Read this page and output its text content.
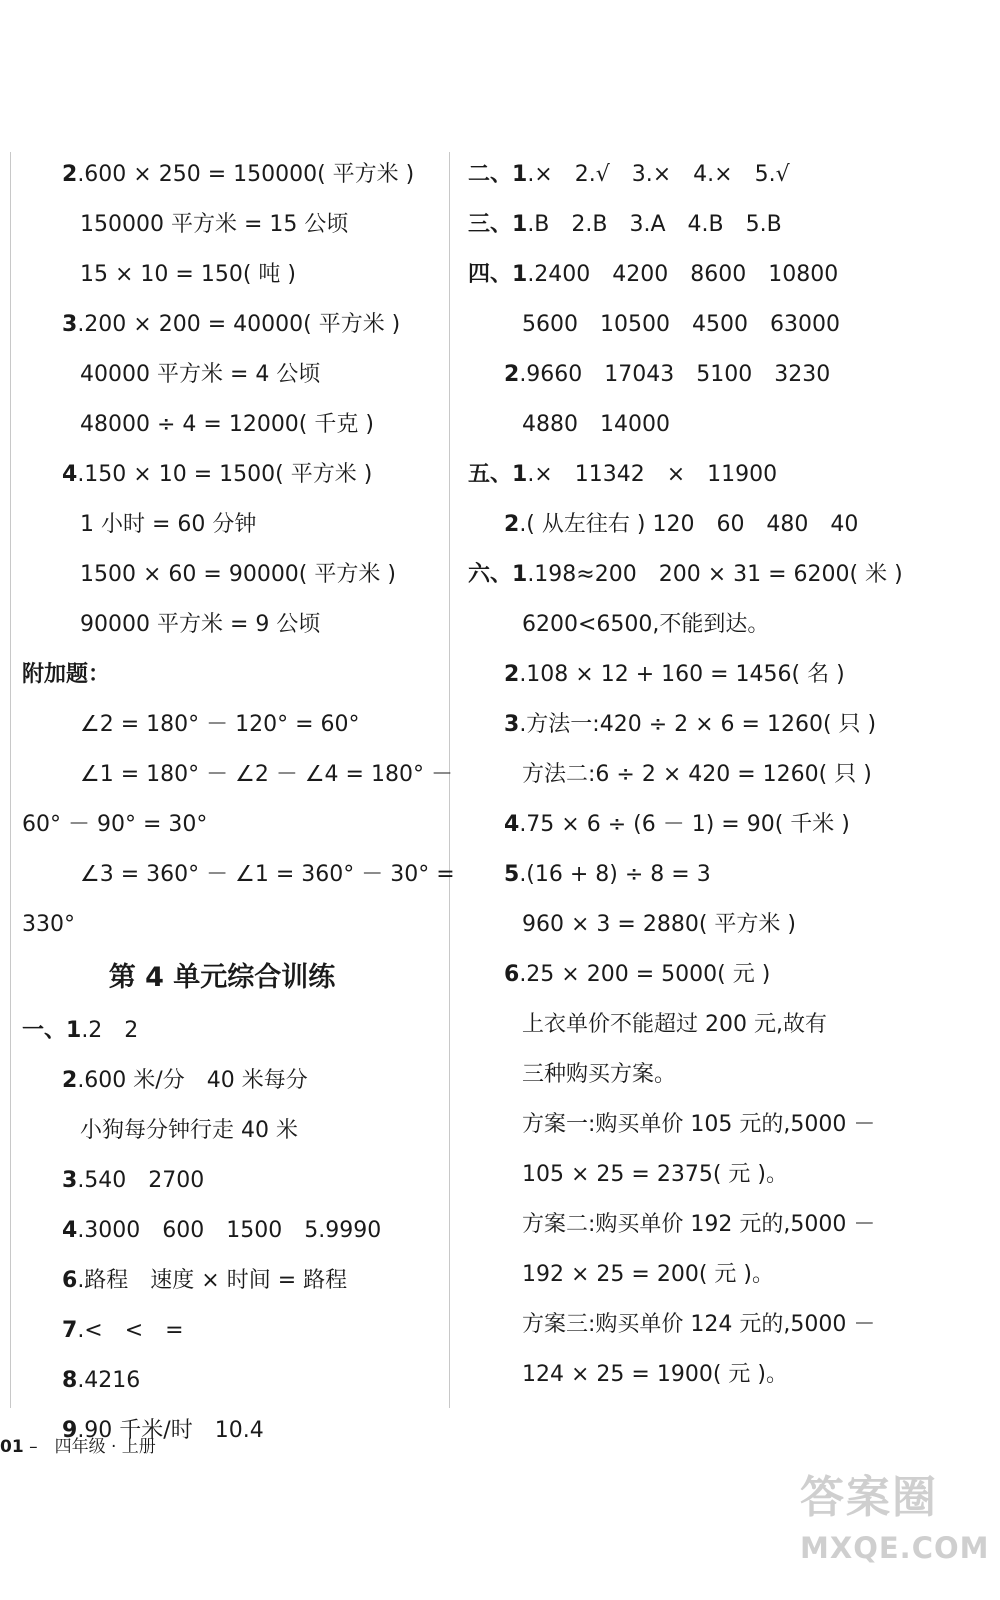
2.600 × 250 = 150000( 平方米 )
150000 平方米 = 15 公顷
15 × 10 = 150( 吨 )
3.200 × 200 = 40000( 平方米 )
40000 平方米 = 4 公顷
48000 ÷ 4 = 12000( 千克 )
4.150 × 10 = 1500( 平方米 )
1 小时 = 60 分钟
1500 × 60 = 90000( 平方米 )
90000 平方米 = 9 公顷
附加题：
∠2 = 180° － 120° = 60°
∠1 = 180° － ∠2 － ∠4 = 180° －
60° － 90° = 30°
∠3 = 360° － ∠1 = 360° － 30° =
330°
第 4 单元综合训练
一、1.2　2
2.600 米/分　40 米每分
小狗每分钟行走 40 米
3.540　2700
4.3000　600　1500　5.9990
6.路程　速度 × 时间 = 路程
7.<　<　=
8.4216
9.90 千米/时　10.4
二、1.×　2.√　3.×　4.×　5.√
三、1.B　2.B　3.A　4.B　5.B
四、1.2400　4200　8600　10800
5600　10500　4500　63000
2.9660　17043　5100　3230
4880　14000
五、1.×　11342　×　11900
2.( 从左往右 ) 120　60　480　40
六、1.198≈200　200 × 31 = 6200( 米 )
6200<6500,不能到达。
2.108 × 12 + 160 = 1456( 名 )
3.方法一:420 ÷ 2 × 6 = 1260( 只 )
方法二:6 ÷ 2 × 420 = 1260( 只 )
4.75 × 6 ÷ (6 － 1) = 90( 千米 )
5.(16 + 8) ÷ 8 = 3
960 × 3 = 2880( 平方米 )
6.25 × 200 = 5000( 元 )
上衣单价不能超过 200 元,故有
三种购买方案。
方案一:购买单价 105 元的,5000 －
105 × 25 = 2375( 元 )。
方案二:购买单价 192 元的,5000 －
192 × 25 = 200( 元 )。
方案三:购买单价 124 元的,5000 －
124 × 25 = 1900( 元 )。
01 –　四年级 · 上册
答案圈
MXQE.COM
